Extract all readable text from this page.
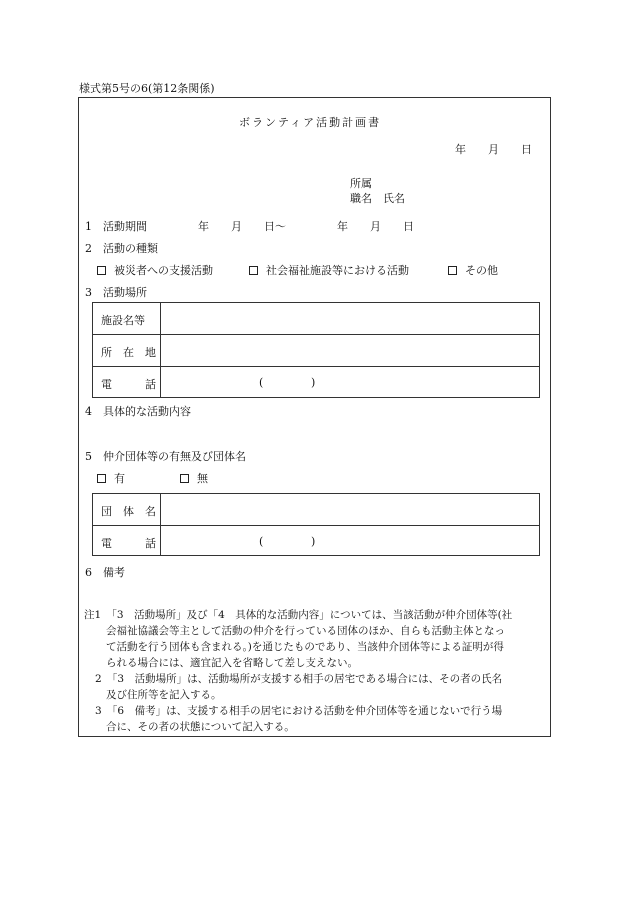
様式第5号の6(第12条関係)
ボランティア活動計画書
年　　月　　日
所属
職名　氏名
1　活動期間	年　　月　　日〜	年　　月　　日
2　活動の種類
被災者への支援活動	社会福祉施設等における活動	その他
3　活動場所
施設名等
所　在　地
電　　　話	(	)
4　具体的な活動内容
5　仲介団体等の有無及び団体名
有	無
団　体　名
電　　　話	(	)
6　備考
注1　「3　活動場所」及び「4　具体的な活動内容」については、当該活動が仲介団体等(社
会福祉協議会等主として活動の仲介を行っている団体のほか、自らも活動主体となっ
て活動を行う団体も含まれる。)を通じたものであり、当該仲介団体等による証明が得
られる場合には、適宜記入を省略して差し支えない。
2　「3　活動場所」は、活動場所が支援する相手の居宅である場合には、その者の氏名
及び住所等を記入する。
3　「6　備考」は、支援する相手の居宅における活動を仲介団体等を通じないで行う場
合に、その者の状態について記入する。
